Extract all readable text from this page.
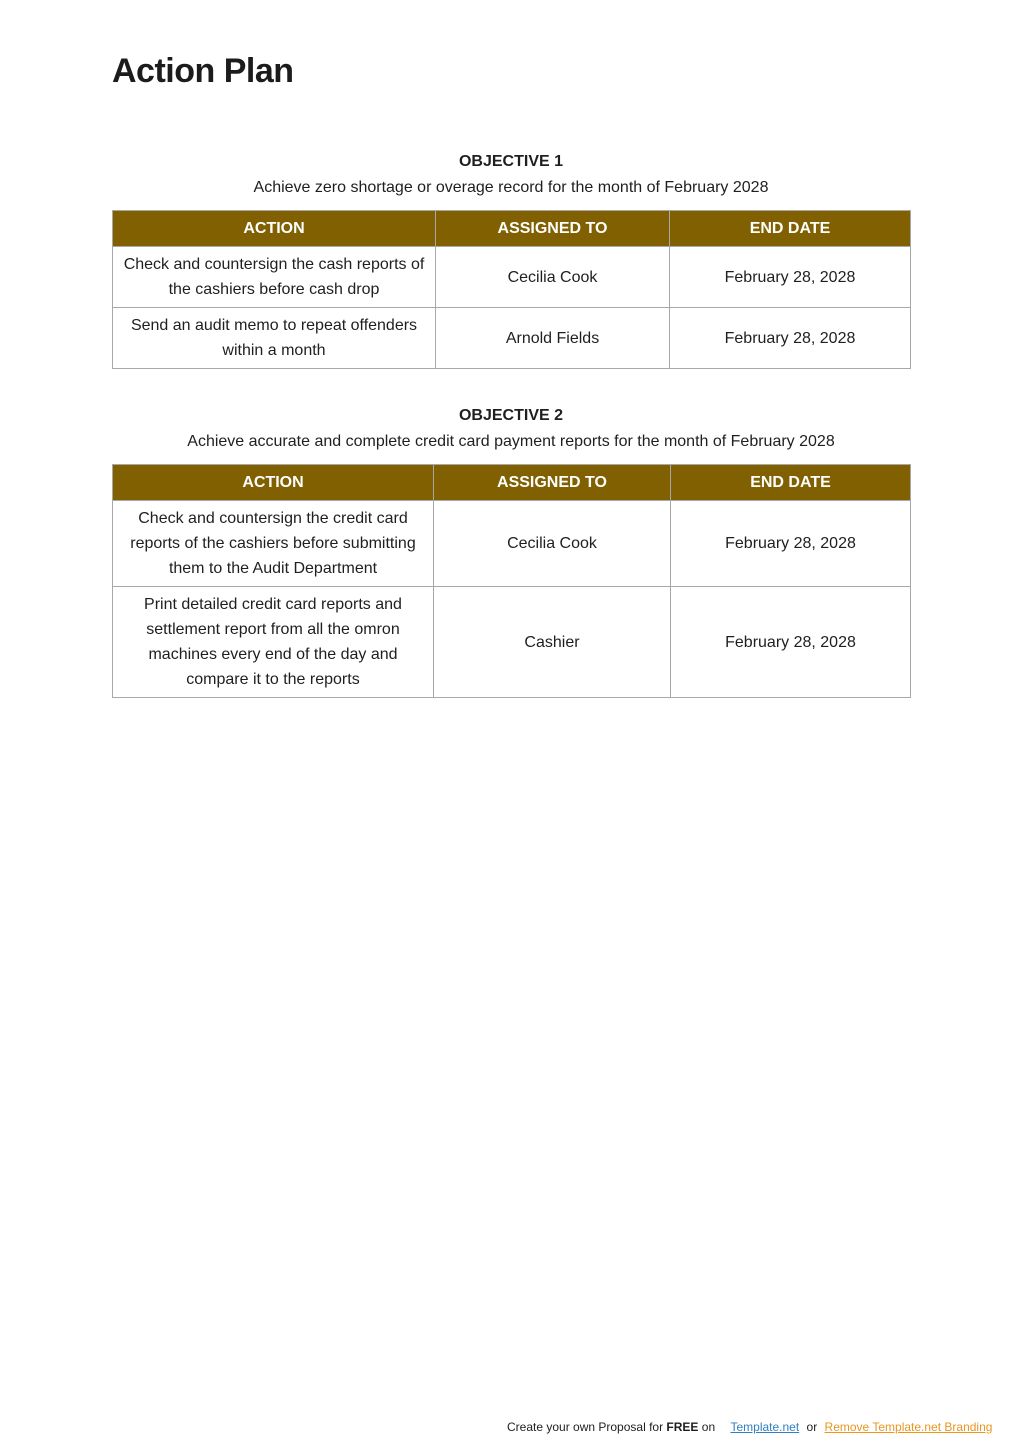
Action Plan
OBJECTIVE 1
Achieve zero shortage or overage record for the month of February 2028
ACTION	ASSIGNED TO	END DATE
Check and countersign the cash reports of the cashiers before cash drop	Cecilia Cook	February 28, 2028
Send an audit memo to repeat offenders within a month	Arnold Fields	February 28, 2028
OBJECTIVE 2
Achieve accurate and complete credit card payment reports for the month of February 2028
ACTION	ASSIGNED TO	END DATE
Check and countersign the credit card reports of the cashiers before submitting them to the Audit Department	Cecilia Cook	February 28, 2028
Print detailed credit card reports and settlement report from all the omron machines every end of the day and compare it to the reports	Cashier	February 28, 2028
Create your own Proposal for FREE on Template.net or Remove Template.net Branding
